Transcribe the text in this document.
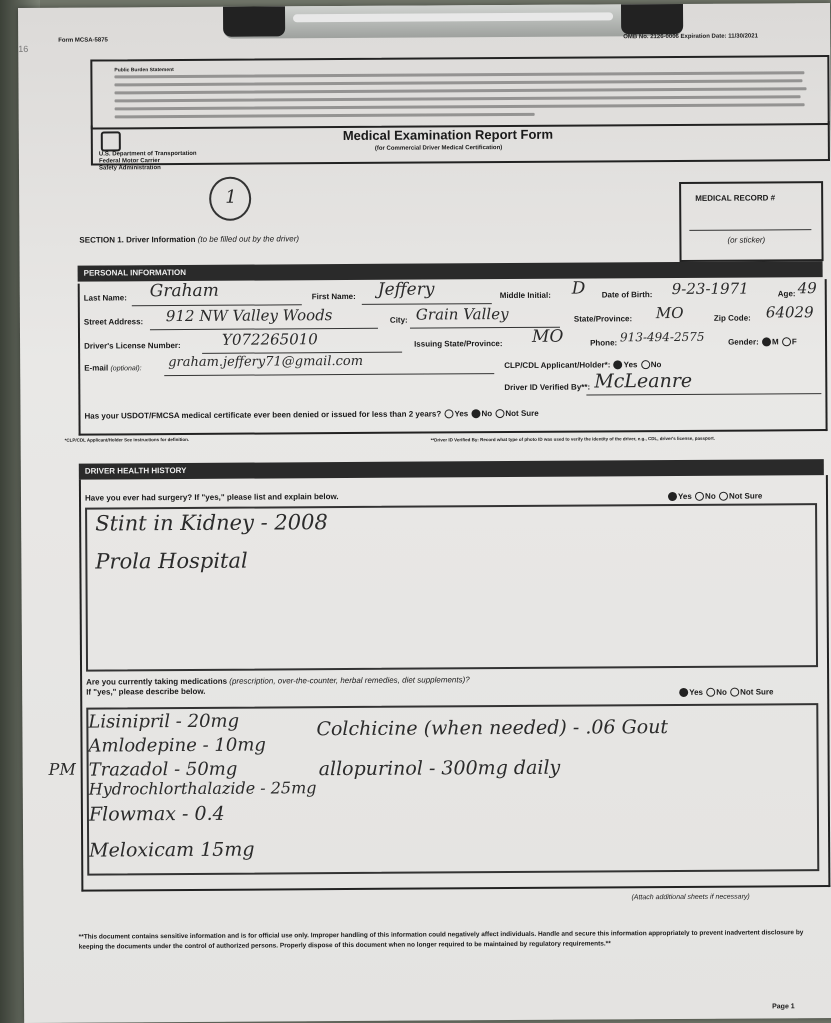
16
Form MCSA-5875
OMB No. 2126-0006 Expiration Date: 11/30/2021
Public Burden Statement
U.S. Department of Transportation
Federal Motor Carrier
Safety Administration
Medical Examination Report Form
(for Commercial Driver Medical Certification)
1
SECTION 1. Driver Information (to be filled out by the driver)
MEDICAL RECORD #
(or sticker)
PERSONAL INFORMATION
Last Name: Graham	First Name: Jeffery	Middle Initial: D Date of Birth: 9-23-1971	Age: 49
Street Address: 912 NW Valley Woods	City: Grain Valley	State/Province: MO	Zip Code: 64029
Driver's License Number:	Y072265010	Issuing State/Province: MO	Phone: 913-494-2575	Gender: M F
E-mail (optional): graham.jeffery71@gmail.com	CLP/CDL Applicant/Holder*: Yes No
Driver ID Verified By**: McLeanre
Has your USDOT/FMCSA medical certificate ever been denied or issued for less than 2 years? Yes No Not Sure
*CLP/CDL Applicant/Holder See instructions for definition.	**Driver ID Verified By: Record what type of photo ID was used to verify the identity of the driver, e.g., CDL, driver's license, passport.
DRIVER HEALTH HISTORY
Have you ever had surgery? If "yes," please list and explain below.	Yes No Not Sure
Stint in Kidney - 2008
Prola Hospital
Are you currently taking medications (prescription, over-the-counter, herbal remedies, diet supplements)?
If "yes," please describe below.	Yes No Not Sure
Lisinipril - 20mg
Amlodepine - 10mg
PM Trazadol - 50mg
Hydrochlorthalazide - 25mg
Flowmax - 0.4
Meloxicam 15mg
Colchicine (when needed) - .06 Gout
allopurinol - 300mg daily
(Attach additional sheets if necessary)
**This document contains sensitive information and is for official use only. Improper handling of this information could negatively affect individuals. Handle and secure this information appropriately to prevent inadvertent disclosure by keeping the documents under the control of authorized persons. Properly dispose of this document when no longer required to be maintained by regulatory requirements.**
Page 1
